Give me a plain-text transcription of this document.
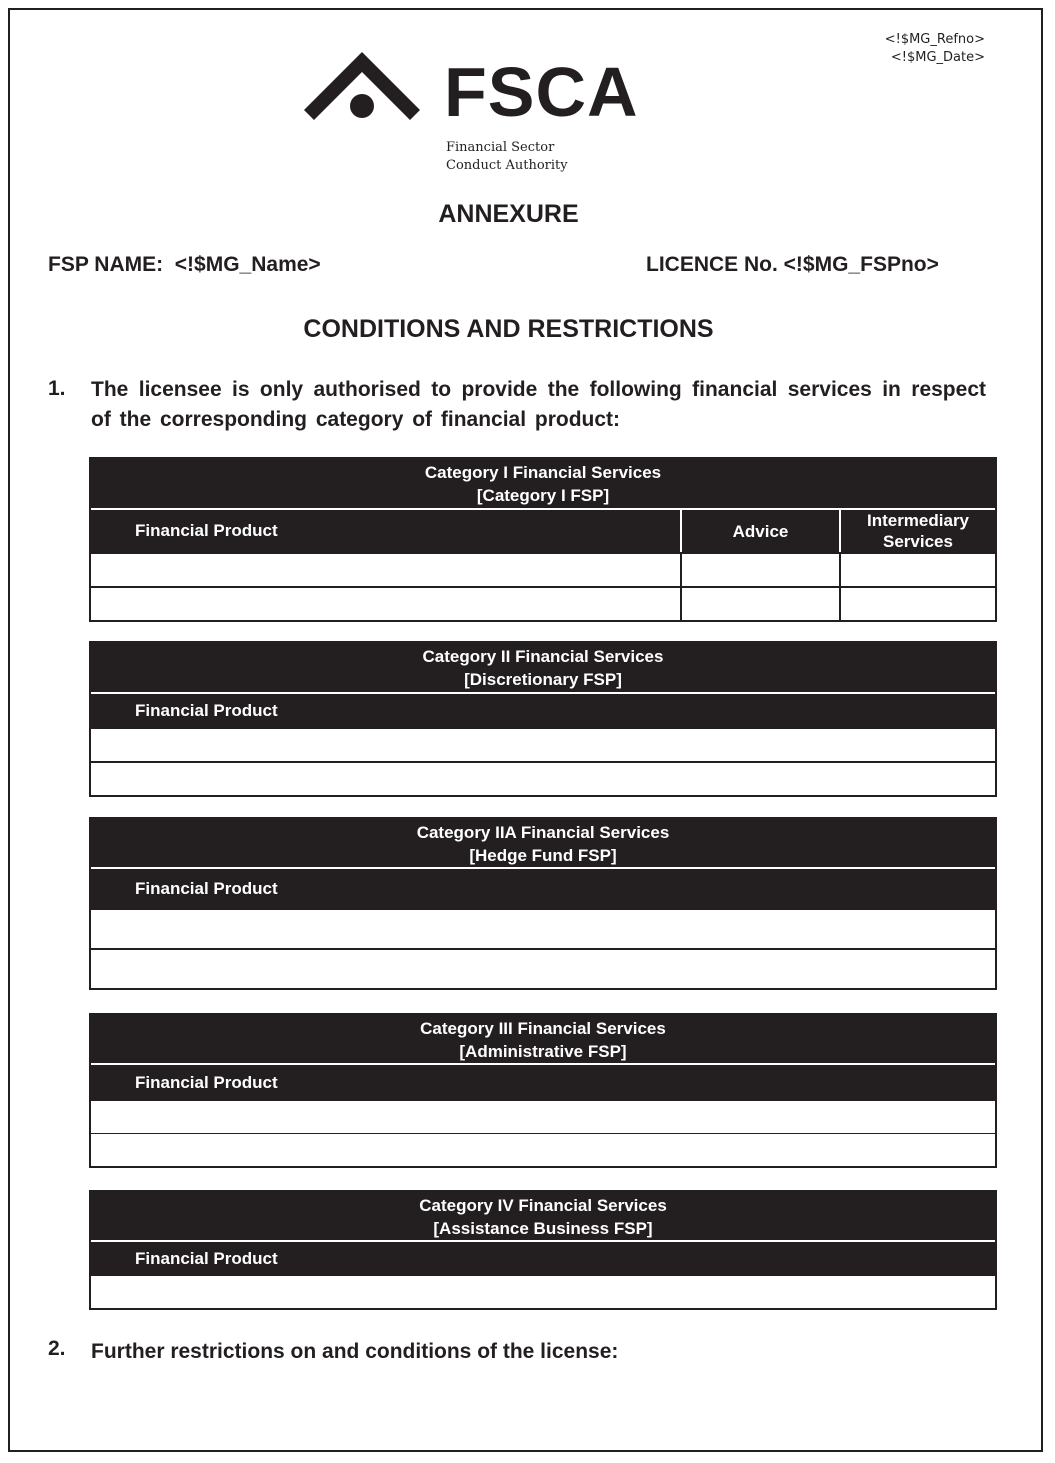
<!$MG_Refno>
<!$MG_Date>
FSCA
Financial Sector
Conduct Authority
ANNEXURE
FSP NAME:  <!$MG_Name>	LICENCE No. <!$MG_FSPno>
CONDITIONS AND RESTRICTIONS
1. The licensee is only authorised to provide the following financial services in respect of the corresponding category of financial product:
Category I Financial Services
[Category I FSP]
Financial Product	Advice
Intermediary
Services
Category II Financial Services
[Discretionary FSP]
Financial Product
Category IIA Financial Services
[Hedge Fund FSP]
Financial Product
Category III Financial Services
[Administrative FSP]
Financial Product
Category IV Financial Services
[Assistance Business FSP]
Financial Product
2. Further restrictions on and conditions of the license:
